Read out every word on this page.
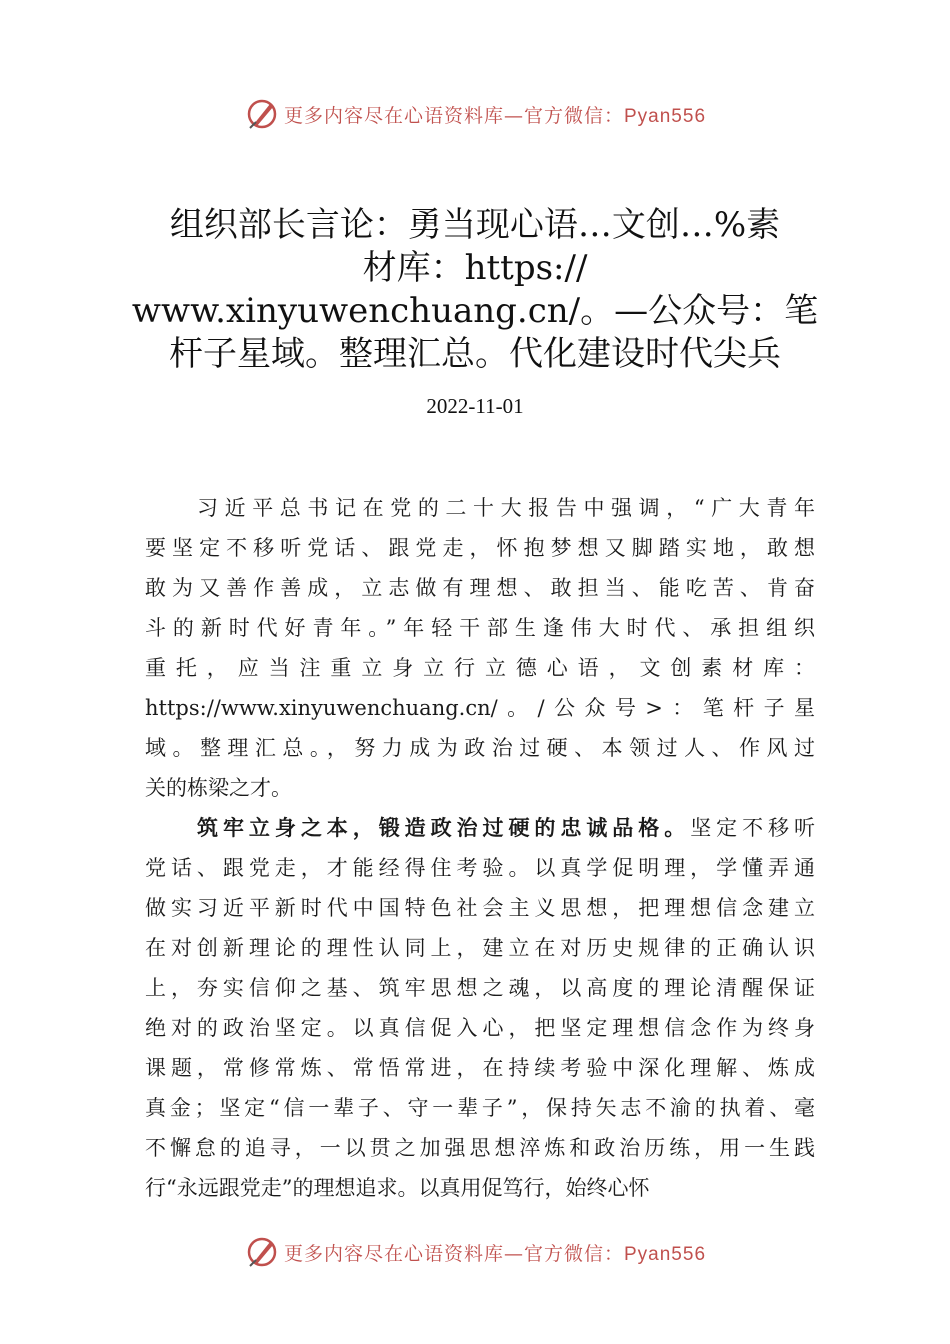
更多内容尽在心语资料库—官方微信：Pyan556
组织部长言论：勇当现心语…文创…%素
材库：https://
www.xinyuwenchuang.cn/。—公众号：笔
杆子星域。整理汇总。代化建设时代尖兵
2022-11-01
习近平总书记在党的二十大报告中强调，“广大青年
要坚定不移听党话、跟党走，怀抱梦想又脚踏实地，敢想
敢为又善作善成，立志做有理想、敢担当、能吃苦、肯奋
斗的新时代好青年。”年轻干部生逢伟大时代、承担组织
重托，应当注重立身立行立德心语，文创素材库：
https://www.xinyuwenchuang.cn/。/公众号>：笔杆子星
域。整理汇总。，努力成为政治过硬、本领过人、作风过
关的栋梁之才。
筑牢立身之本，锻造政治过硬的忠诚品格。坚定不移听
党话、跟党走，才能经得住考验。以真学促明理，学懂弄通
做实习近平新时代中国特色社会主义思想，把理想信念建立
在对创新理论的理性认同上，建立在对历史规律的正确认识
上，夯实信仰之基、筑牢思想之魂，以高度的理论清醒保证
绝对的政治坚定。以真信促入心，把坚定理想信念作为终身
课题，常修常炼、常悟常进，在持续考验中深化理解、炼成
真金；坚定“信一辈子、守一辈子”，保持矢志不渝的执着、毫
不懈怠的追寻，一以贯之加强思想淬炼和政治历练，用一生践
行“永远跟党走”的理想追求。以真用促笃行，始终心怀
更多内容尽在心语资料库—官方微信：Pyan556
